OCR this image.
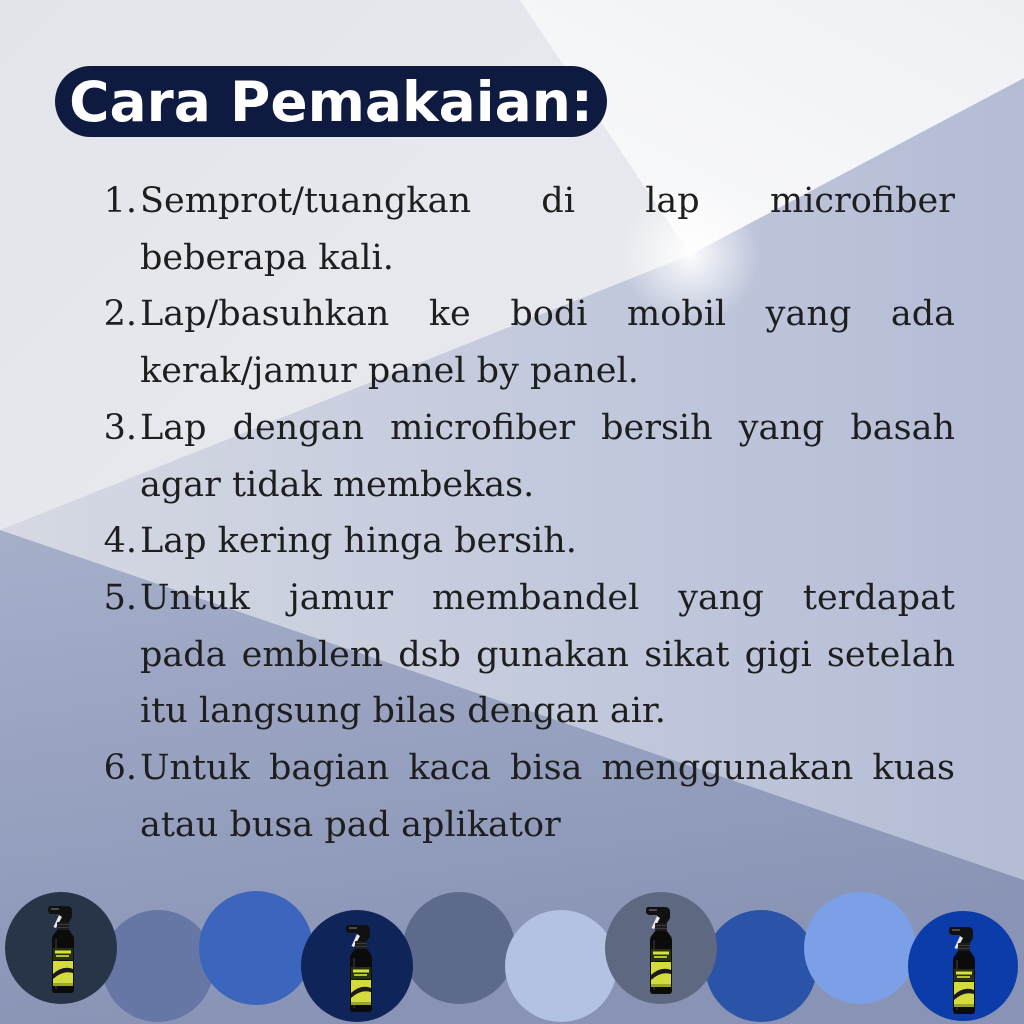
Cara Pemakaian:
1. Semprot/tuangkan di lap microfiber
beberapa kali.
2. Lap/basuhkan ke bodi mobil yang ada
kerak/jamur panel by panel.
3. Lap dengan microfiber bersih yang basah
agar tidak membekas.
4. Lap kering hinga bersih.
5. Untuk jamur membandel yang terdapat
pada emblem dsb gunakan sikat gigi setelah
itu langsung bilas dengan air.
6. Untuk bagian kaca bisa menggunakan kuas
atau busa pad aplikator
